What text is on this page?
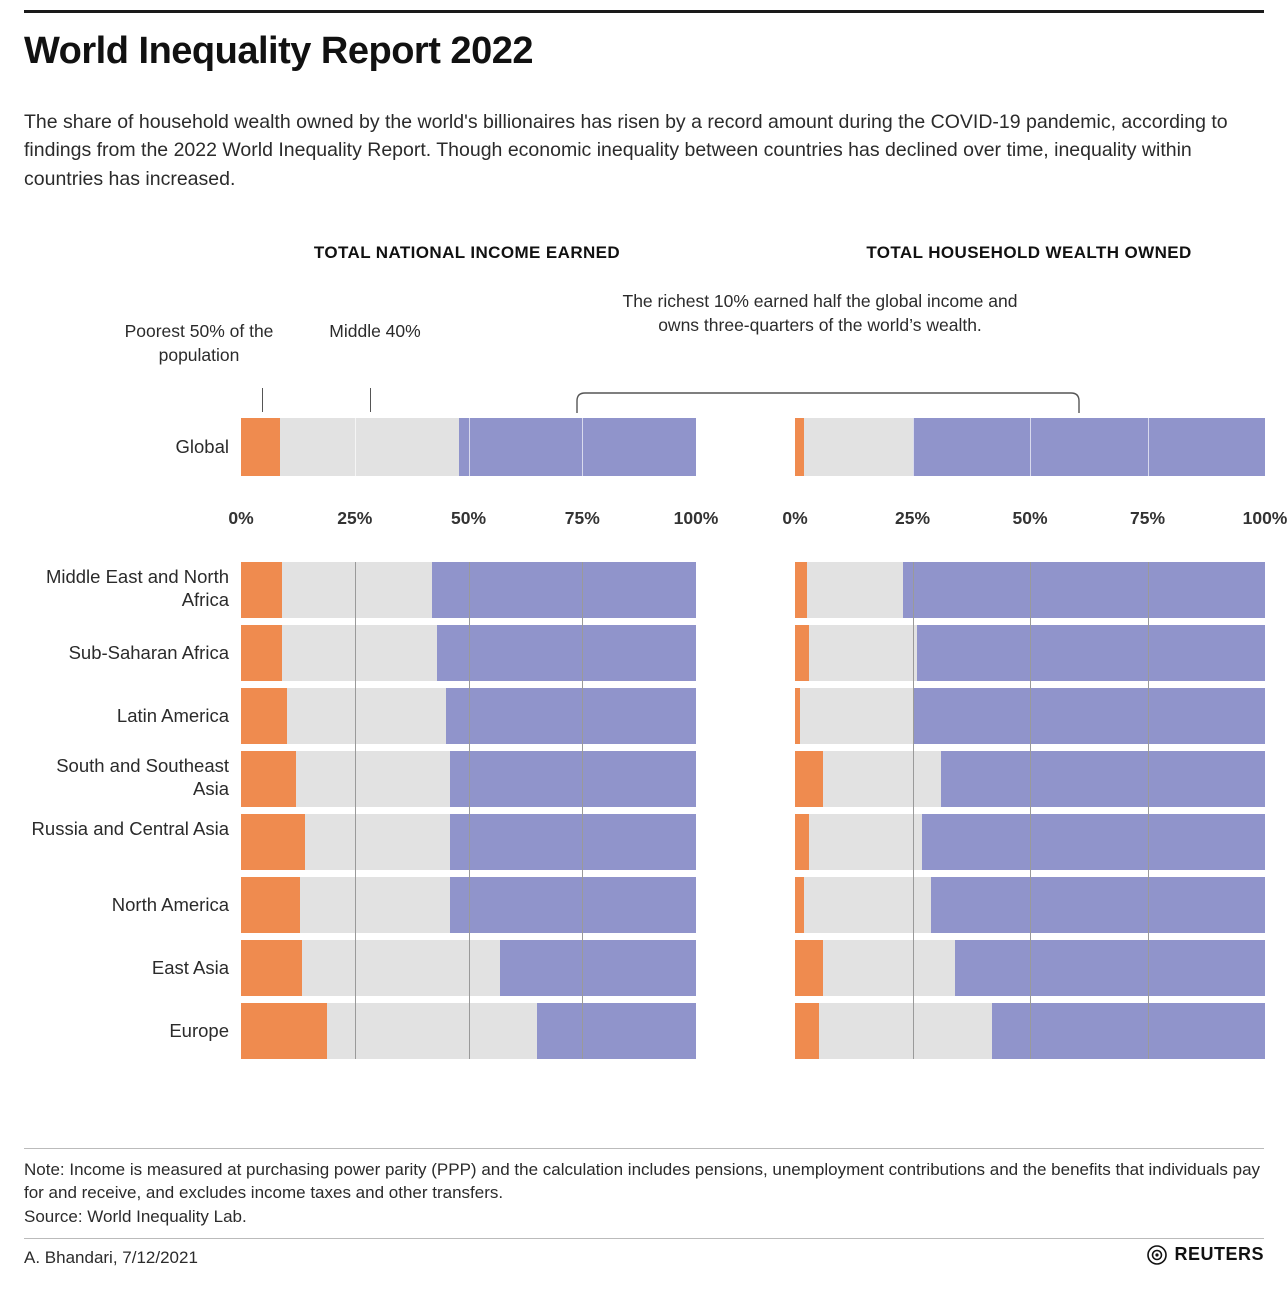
World Inequality Report 2022
The share of household wealth owned by the world's billionaires has risen by a record amount during the COVID-19 pandemic, according to findings from the 2022 World Inequality Report. Though economic inequality between countries has declined over time, inequality within countries has increased.
TOTAL NATIONAL INCOME EARNED	TOTAL HOUSEHOLD WEALTH OWNED
Poorest 50% of the population
Middle 40%
The richest 10% earned half the global income and owns three-quarters of the world’s wealth.
0%	25%	50%	75%	100%	0%	25%	50%	75%	100%
Global
Middle East and North Africa
Sub-Saharan Africa
Latin America
South and Southeast Asia
Russia and Central Asia
North America
East Asia
Europe
Note: Income is measured at purchasing power parity (PPP) and the calculation includes pensions, unemployment contributions and the benefits that individuals pay for and receive, and excludes income taxes and other transfers.
Source: World Inequality Lab.
A. Bhandari, 7/12/2021	REUTERS
